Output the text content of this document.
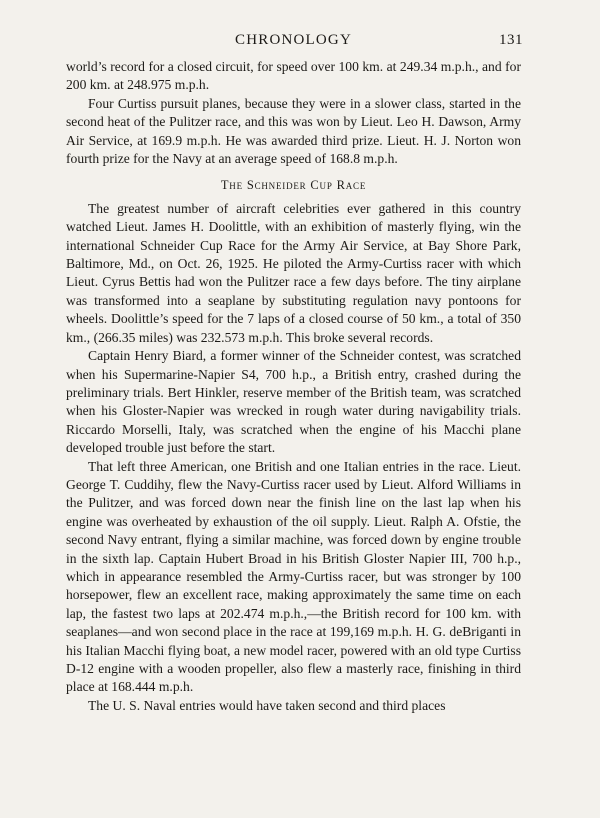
CHRONOLOGY	131

world’s record for a closed circuit, for speed over 100 km. at 249.34 m.p.h., and for 200 km. at 248.975 m.p.h.

Four Curtiss pursuit planes, because they were in a slower class, started in the second heat of the Pulitzer race, and this was won by Lieut. Leo H. Dawson, Army Air Service, at 169.9 m.p.h. He was awarded third prize. Lieut. H. J. Norton won fourth prize for the Navy at an average speed of 168.8 m.p.h.

The Schneider Cup Race

The greatest number of aircraft celebrities ever gathered in this country watched Lieut. James H. Doolittle, with an exhibition of masterly flying, win the international Schneider Cup Race for the Army Air Service, at Bay Shore Park, Baltimore, Md., on Oct. 26, 1925. He piloted the Army-Curtiss racer with which Lieut. Cyrus Bettis had won the Pulitzer race a few days before. The tiny airplane was transformed into a seaplane by substituting regulation navy pontoons for wheels. Doolittle’s speed for the 7 laps of a closed course of 50 km., a total of 350 km., (266.35 miles) was 232.573 m.p.h. This broke several records.

Captain Henry Biard, a former winner of the Schneider contest, was scratched when his Supermarine-Napier S4, 700 h.p., a British entry, crashed during the preliminary trials. Bert Hinkler, reserve member of the British team, was scratched when his Gloster-Napier was wrecked in rough water during navigability trials. Riccardo Morselli, Italy, was scratched when the engine of his Macchi plane developed trouble just before the start.

That left three American, one British and one Italian entries in the race. Lieut. George T. Cuddihy, flew the Navy-Curtiss racer used by Lieut. Alford Williams in the Pulitzer, and was forced down near the finish line on the last lap when his engine was overheated by exhaustion of the oil supply. Lieut. Ralph A. Ofstie, the second Navy entrant, flying a similar machine, was forced down by engine trouble in the sixth lap. Captain Hubert Broad in his British Gloster Napier III, 700 h.p., which in appearance resembled the Army-Curtiss racer, but was stronger by 100 horsepower, flew an excellent race, making approximately the same time on each lap, the fastest two laps at 202.474 m.p.h.,—the British record for 100 km. with seaplanes—and won second place in the race at 199,169 m.p.h. H. G. deBriganti in his Italian Macchi flying boat, a new model racer, powered with an old type Curtiss D-12 engine with a wooden propeller, also flew a masterly race, finishing in third place at 168.444 m.p.h.

The U. S. Naval entries would have taken second and third places
